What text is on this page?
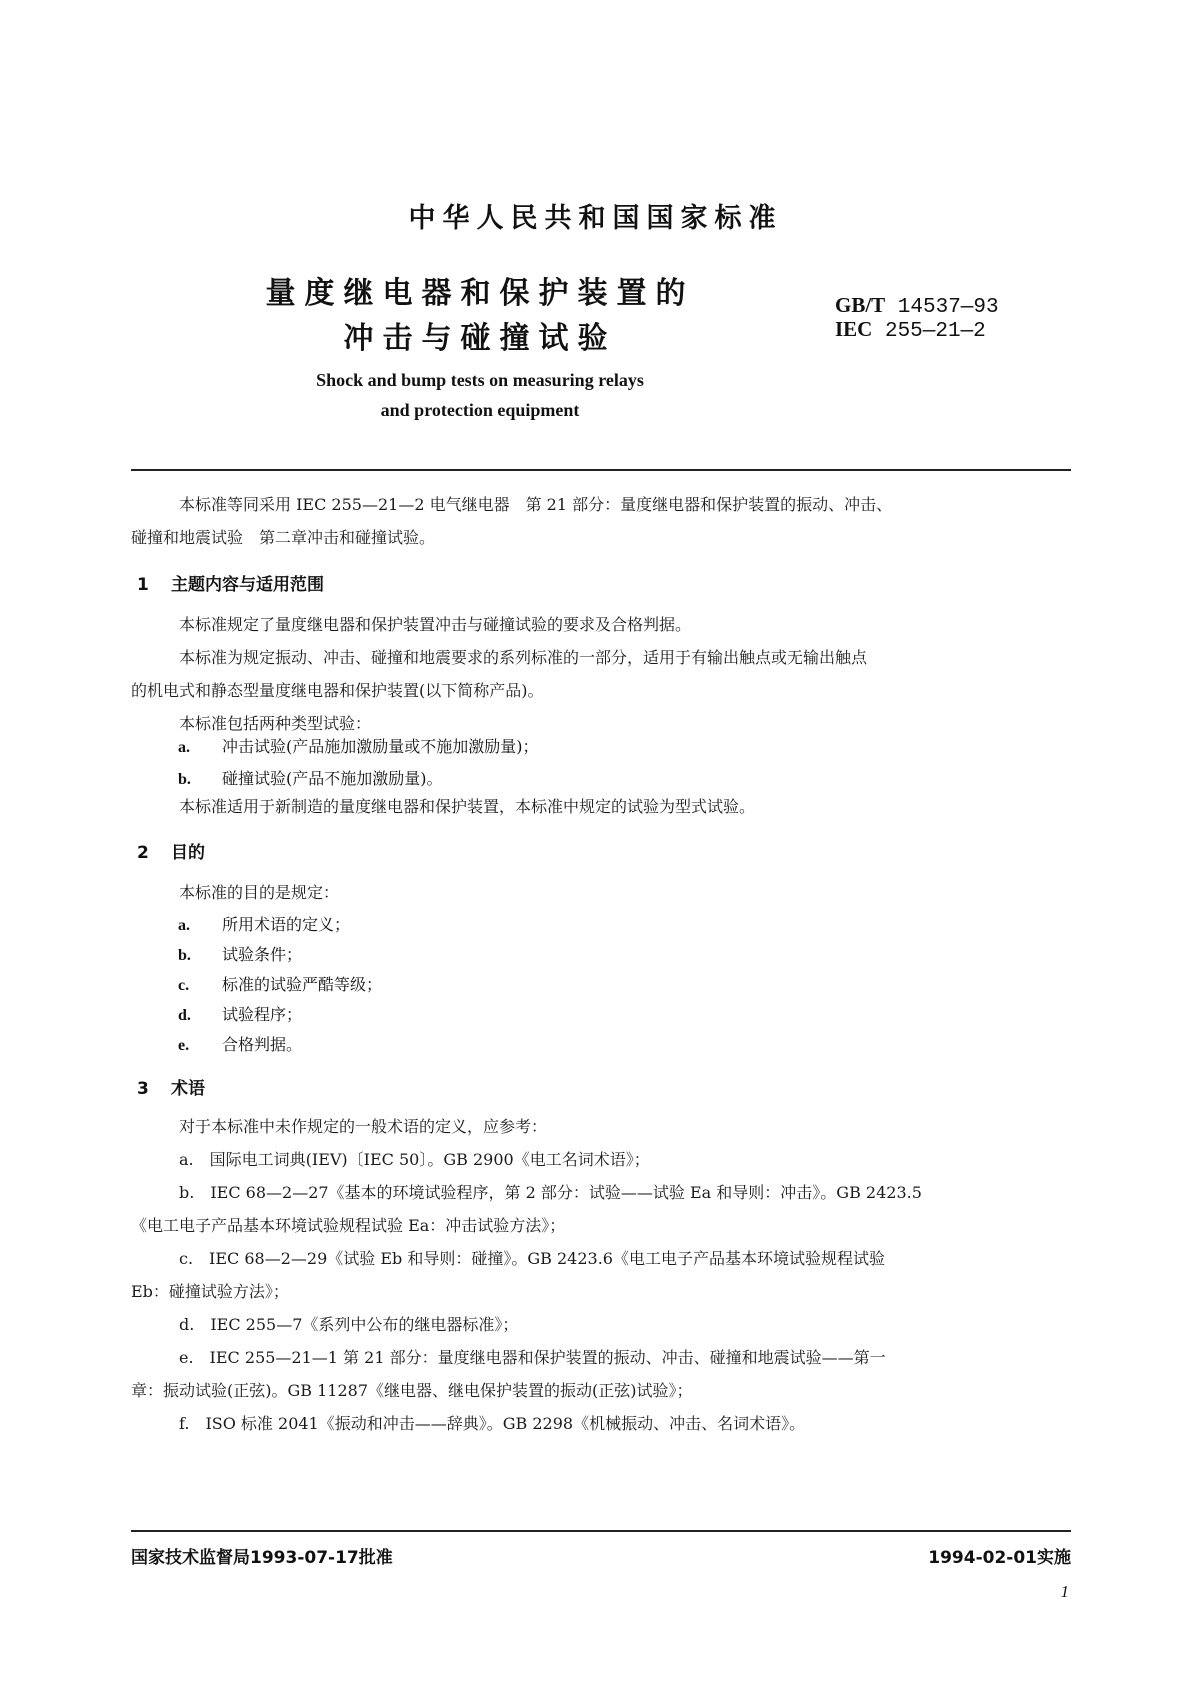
中华人民共和国国家标准
量度继电器和保护装置的
冲击与碰撞试验
GB/T 14537—93
IEC 255—21—2
Shock and bump tests on measuring relays
and protection equipment
本标准等同采用 IEC 255—21—2 电气继电器　第 21 部分：量度继电器和保护装置的振动、冲击、
碰撞和地震试验　第二章冲击和碰撞试验。
1 主题内容与适用范围
本标准规定了量度继电器和保护装置冲击与碰撞试验的要求及合格判据。
本标准为规定振动、冲击、碰撞和地震要求的系列标准的一部分，适用于有输出触点或无输出触点
的机电式和静态型量度继电器和保护装置(以下简称产品)。
本标准包括两种类型试验：
a. 冲击试验(产品施加激励量或不施加激励量)；
b. 碰撞试验(产品不施加激励量)。
本标准适用于新制造的量度继电器和保护装置，本标准中规定的试验为型式试验。
2 目的
本标准的目的是规定：
a. 所用术语的定义；
b. 试验条件；
c. 标准的试验严酷等级；
d. 试验程序；
e. 合格判据。
3 术语
对于本标准中未作规定的一般术语的定义，应参考：
a.　国际电工词典(IEV)〔IEC 50〕。GB 2900《电工名词术语》；
b.　IEC 68—2—27《基本的环境试验程序，第 2 部分：试验——试验 Ea 和导则：冲击》。GB 2423.5
《电工电子产品基本环境试验规程试验 Ea：冲击试验方法》；
c.　IEC 68—2—29《试验 Eb 和导则：碰撞》。GB 2423.6《电工电子产品基本环境试验规程试验
Eb：碰撞试验方法》；
d.　IEC 255—7《系列中公布的继电器标准》；
e.　IEC 255—21—1 第 21 部分：量度继电器和保护装置的振动、冲击、碰撞和地震试验——第一
章：振动试验(正弦)。GB 11287《继电器、继电保护装置的振动(正弦)试验》；
f.　ISO 标准 2041《振动和冲击——辞典》。GB 2298《机械振动、冲击、名词术语》。
国家技术监督局1993-07-17批准	1994-02-01实施
1
